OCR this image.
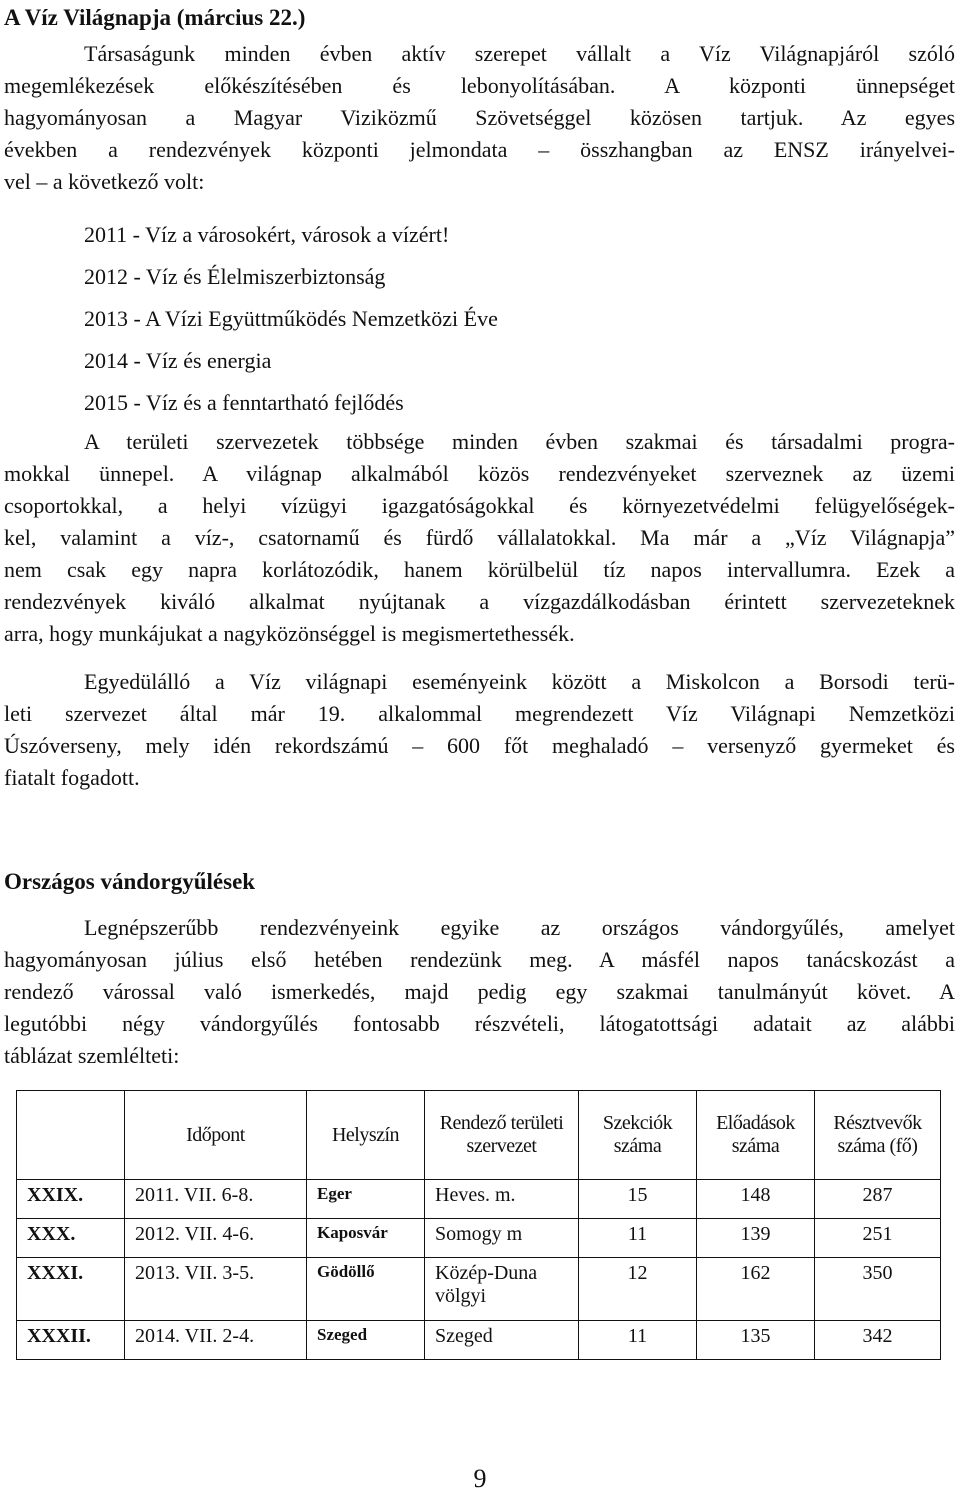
A Víz Világnapja (március 22.)
Társaságunk minden évben aktív szerepet vállalt a Víz Világnapjáról szóló
megemlékezések előkészítésében és lebonyolításában. A központi ünnepséget
hagyományosan a Magyar Viziközmű Szövetséggel közösen tartjuk. Az egyes
években a rendezvények központi jelmondata – összhangban az ENSZ irányelvei-
vel – a következő volt:
2011 - Víz a városokért, városok a vízért!
2012 - Víz és Élelmiszerbiztonság
2013 - A Vízi Együttműködés Nemzetközi Éve
2014 - Víz és energia
2015 - Víz és a fenntartható fejlődés
A területi szervezetek többsége minden évben szakmai és társadalmi progra-
mokkal ünnepel. A világnap alkalmából közös rendezvényeket szerveznek az üzemi
csoportokkal, a helyi vízügyi igazgatóságokkal és környezetvédelmi felügyelőségek-
kel, valamint a víz-, csatornamű és fürdő vállalatokkal. Ma már a „Víz Világnapja”
nem csak egy napra korlátozódik, hanem körülbelül tíz napos intervallumra. Ezek a
rendezvények kiváló alkalmat nyújtanak a vízgazdálkodásban érintett szervezeteknek
arra, hogy munkájukat a nagyközönséggel is megismertethessék.
Egyedülálló a Víz világnapi eseményeink között a Miskolcon a Borsodi terü-
leti szervezet által már 19. alkalommal megrendezett Víz Világnapi Nemzetközi
Úszóverseny, mely idén rekordszámú – 600 főt meghaladó – versenyző gyermeket és
fiatalt fogadott.
Országos vándorgyűlések
Legnépszerűbb rendezvényeink egyike az országos vándorgyűlés, amelyet
hagyományosan július első hetében rendezünk meg. A másfél napos tanácskozást a
rendező várossal való ismerkedés, majd pedig egy szakmai tanulmányút követ. A
legutóbbi négy vándorgyűlés fontosabb részvételi, látogatottsági adatait az alábbi
táblázat szemlélteti:
	Időpont	Helyszín	Rendező területi szervezet	Szekciók száma	Előadások száma	Résztvevők száma (fő)
XXIX.	2011. VII. 6-8.	Eger	Heves. m.	15	148	287
XXX.	2012. VII. 4-6.	Kaposvár	Somogy m	11	139	251
XXXI.	2013. VII. 3-5.	Gödöllő	Közép-Duna völgyi	12	162	350
XXXII.	2014. VII. 2-4.	Szeged	Szeged	11	135	342
9
